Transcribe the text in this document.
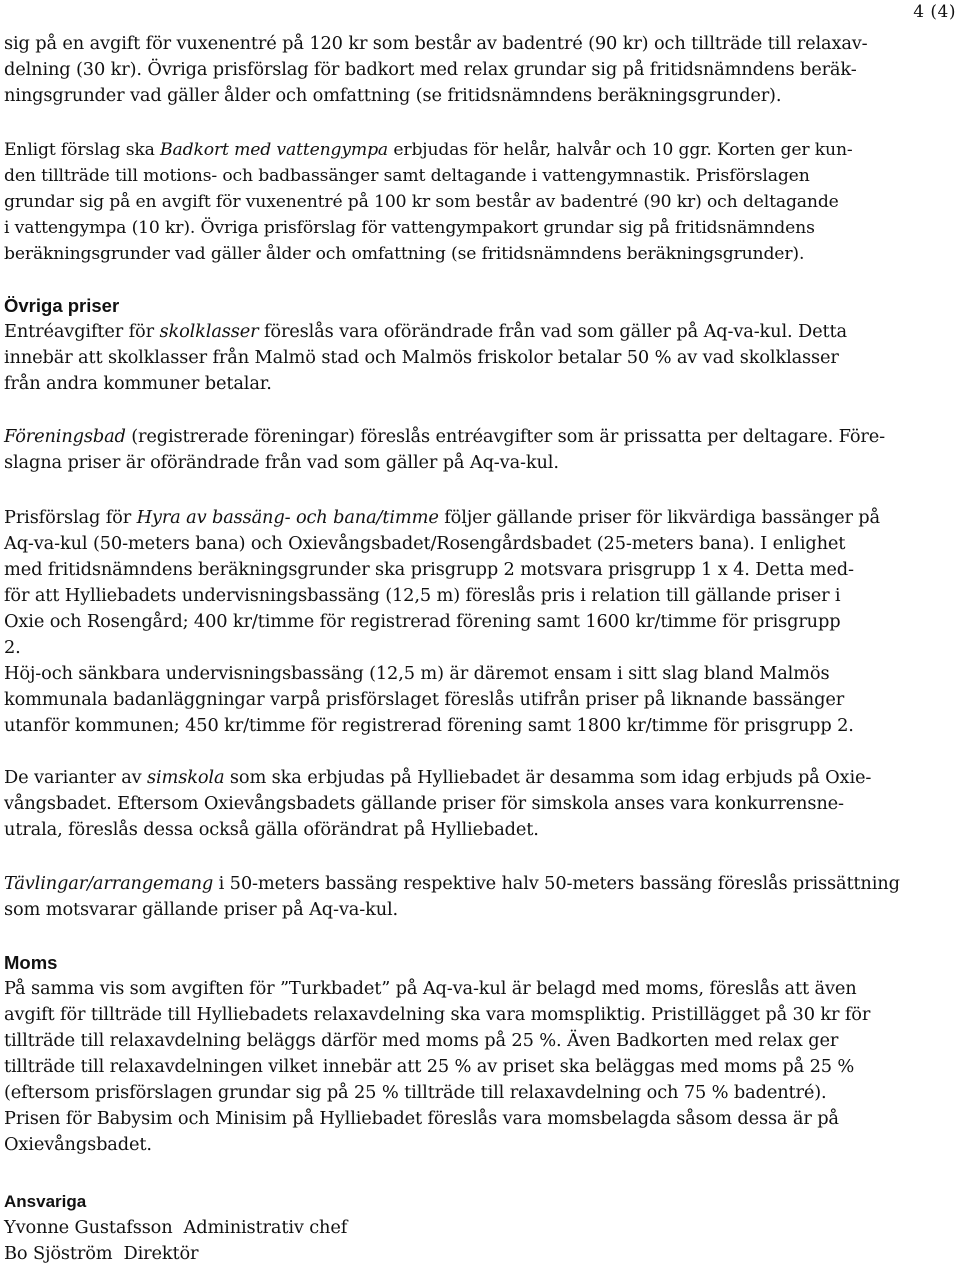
4 (4)
sig på en avgift för vuxenentré på 120 kr som består av badentré (90 kr) och tillträde till relaxav-
delning (30 kr). Övriga prisförslag för badkort med relax grundar sig på fritidsnämndens beräk-
ningsgrunder vad gäller ålder och omfattning (se fritidsnämndens beräkningsgrunder).
Enligt förslag ska Badkort med vattengympa erbjudas för helår, halvår och 10 ggr. Korten ger kun-
den tillträde till motions- och badbassänger samt deltagande i vattengymnastik. Prisförslagen
grundar sig på en avgift för vuxenentré på 100 kr som består av badentré (90 kr) och deltagande
i vattengympa (10 kr). Övriga prisförslag för vattengympakort grundar sig på fritidsnämndens
beräkningsgrunder vad gäller ålder och omfattning (se fritidsnämndens beräkningsgrunder).
Övriga priser
Entréavgifter för skolklasser föreslås vara oförändrade från vad som gäller på Aq-va-kul. Detta
innebär att skolklasser från Malmö stad och Malmös friskolor betalar 50 % av vad skolklasser
från andra kommuner betalar.
Föreningsbad (registrerade föreningar) föreslås entréavgifter som är prissatta per deltagare. Före-
slagna priser är oförändrade från vad som gäller på Aq-va-kul.
Prisförslag för Hyra av bassäng- och bana/timme följer gällande priser för likvärdiga bassänger på
Aq-va-kul (50-meters bana) och Oxievångsbadet/Rosengårdsbadet (25-meters bana). I enlighet
med fritidsnämndens beräkningsgrunder ska prisgrupp 2 motsvara prisgrupp 1 x 4. Detta med-
för att Hylliebadets undervisningsbassäng (12,5 m) föreslås pris i relation till gällande priser i
Oxie och Rosengård; 400 kr/timme för registrerad förening samt 1600 kr/timme för prisgrupp
2.
Höj-och sänkbara undervisningsbassäng (12,5 m) är däremot ensam i sitt slag bland Malmös
kommunala badanläggningar varpå prisförslaget föreslås utifrån priser på liknande bassänger
utanför kommunen; 450 kr/timme för registrerad förening samt 1800 kr/timme för prisgrupp 2.
De varianter av simskola som ska erbjudas på Hylliebadet är desamma som idag erbjuds på Oxie-
vångsbadet. Eftersom Oxievångsbadets gällande priser för simskola anses vara konkurrensne-
utrala, föreslås dessa också gälla oförändrat på Hylliebadet.
Tävlingar/arrangemang i 50-meters bassäng respektive halv 50-meters bassäng föreslås prissättning
som motsvarar gällande priser på Aq-va-kul.
Moms
På samma vis som avgiften för ”Turkbadet” på Aq-va-kul är belagd med moms, föreslås att även
avgift för tillträde till Hylliebadets relaxavdelning ska vara momspliktig. Pristillägget på 30 kr för
tillträde till relaxavdelning beläggs därför med moms på 25 %. Även Badkorten med relax ger
tillträde till relaxavdelningen vilket innebär att 25 % av priset ska beläggas med moms på 25 %
(eftersom prisförslagen grundar sig på 25 % tillträde till relaxavdelning och 75 % badentré).
Prisen för Babysim och Minisim på Hylliebadet föreslås vara momsbelagda såsom dessa är på
Oxievångsbadet.
Ansvariga
Yvonne Gustafsson  Administrativ chef
Bo Sjöström  Direktör
